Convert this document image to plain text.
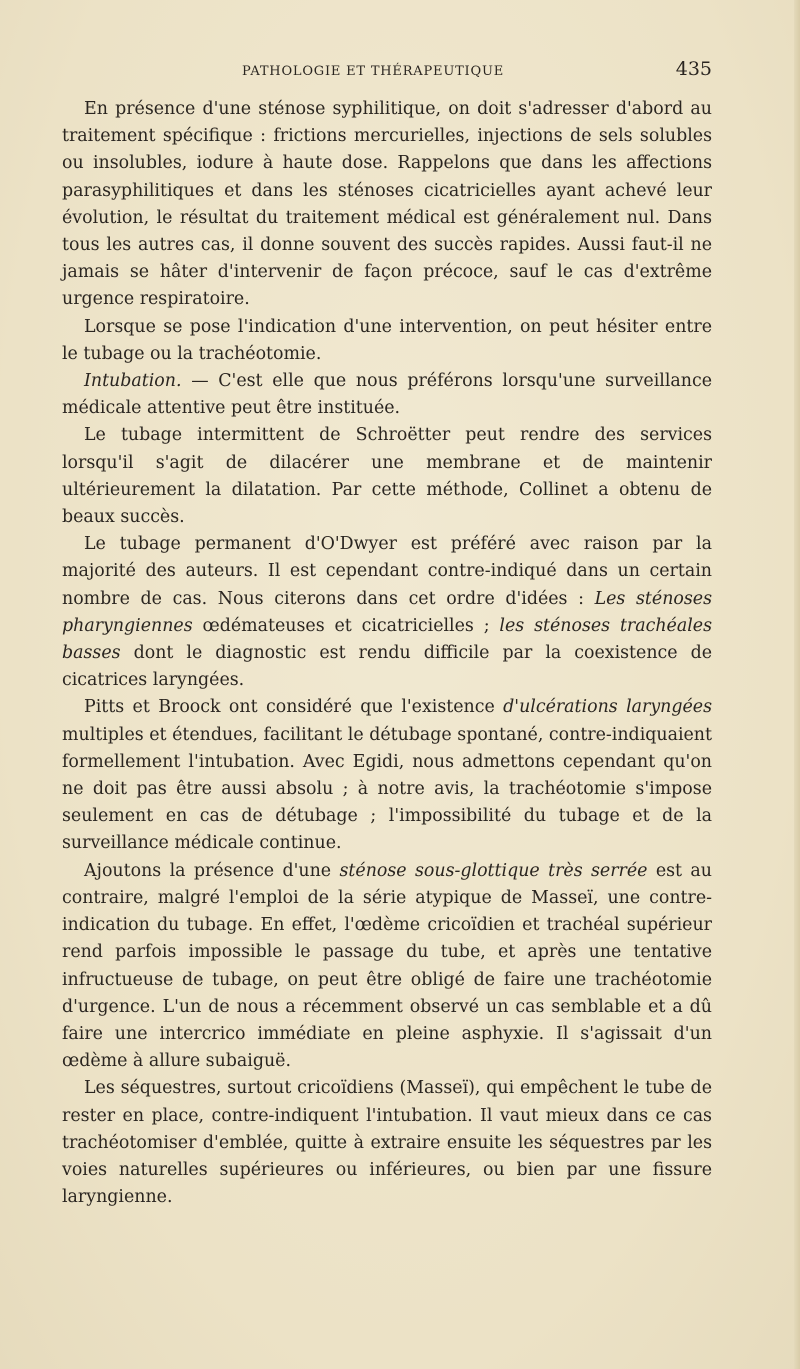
PATHOLOGIE ET THÉRAPEUTIQUE	435

En présence d'une sténose syphilitique, on doit s'adresser d'abord au traitement spécifique : frictions mercurielles, injections de sels solubles ou insolubles, iodure à haute dose. Rappelons que dans les affections parasyphilitiques et dans les sténoses cicatricielles ayant achevé leur évolution, le résultat du traitement médical est généralement nul. Dans tous les autres cas, il donne souvent des succès rapides. Aussi faut-il ne jamais se hâter d'intervenir de façon précoce, sauf le cas d'extrême urgence respiratoire.

Lorsque se pose l'indication d'une intervention, on peut hésiter entre le tubage ou la trachéotomie.

Intubation. — C'est elle que nous préférons lorsqu'une surveillance médicale attentive peut être instituée.

Le tubage intermittent de Schroëtter peut rendre des services lorsqu'il s'agit de dilacérer une membrane et de maintenir ultérieurement la dilatation. Par cette méthode, Collinet a obtenu de beaux succès.

Le tubage permanent d'O'Dwyer est préféré avec raison par la majorité des auteurs. Il est cependant contre-indiqué dans un certain nombre de cas. Nous citerons dans cet ordre d'idées : Les sténoses pharyngiennes œdémateuses et cicatricielles ; les sténoses trachéales basses dont le diagnostic est rendu difficile par la coexistence de cicatrices laryngées.

Pitts et Broock ont considéré que l'existence d'ulcérations laryngées multiples et étendues, facilitant le détubage spontané, contre-indiquaient formellement l'intubation. Avec Egidi, nous admettons cependant qu'on ne doit pas être aussi absolu ; à notre avis, la trachéotomie s'impose seulement en cas de détubage ; l'impossibilité du tubage et de la surveillance médicale continue.

Ajoutons la présence d'une sténose sous-glottique très serrée est au contraire, malgré l'emploi de la série atypique de Masseï, une contre-indication du tubage. En effet, l'œdème cricoïdien et trachéal supérieur rend parfois impossible le passage du tube, et après une tentative infructueuse de tubage, on peut être obligé de faire une trachéotomie d'urgence. L'un de nous a récemment observé un cas semblable et a dû faire une intercrico immédiate en pleine asphyxie. Il s'agissait d'un œdème à allure subaiguë.

Les séquestres, surtout cricoïdiens (Masseï), qui empêchent le tube de rester en place, contre-indiquent l'intubation. Il vaut mieux dans ce cas trachéotomiser d'emblée, quitte à extraire ensuite les séquestres par les voies naturelles supérieures ou inférieures, ou bien par une fissure laryngienne.
